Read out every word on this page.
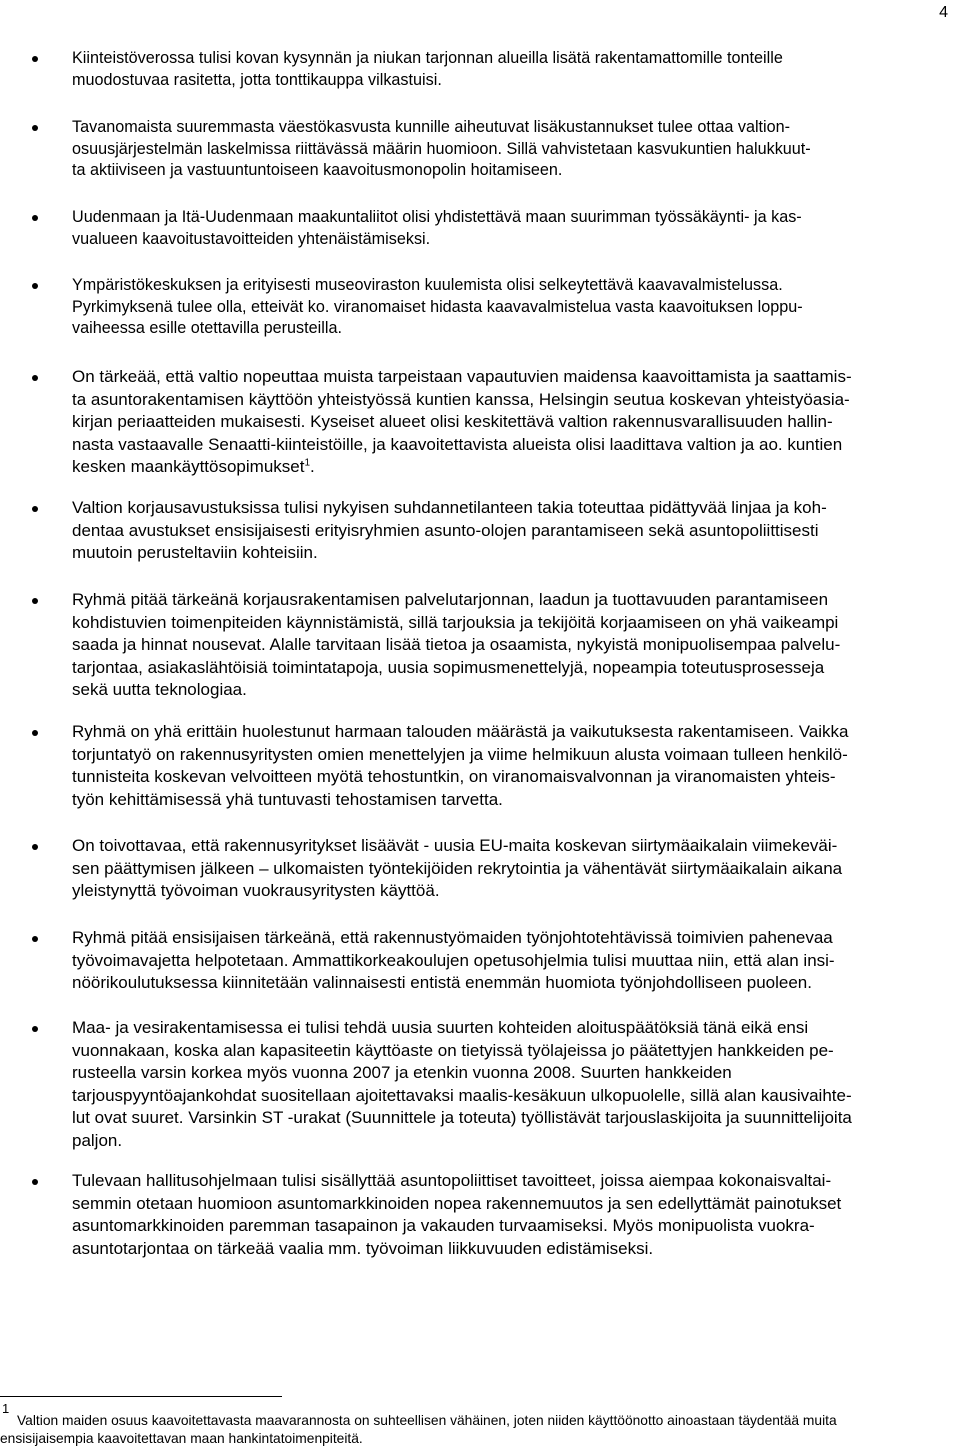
4
Kiinteistöverossa tulisi kovan kysynnän ja niukan tarjonnan alueilla lisätä rakentamattomille tonteille
muodostuvaa rasitetta, jotta tonttikauppa vilkastuisi.
Tavanomaista suuremmasta väestökasvusta kunnille aiheutuvat lisäkustannukset tulee ottaa valtion-
osuusjärjestelmän laskelmissa riittävässä määrin huomioon. Sillä vahvistetaan kasvukuntien halukkuut-
ta aktiiviseen ja vastuuntuntoiseen kaavoitusmonopolin hoitamiseen.
Uudenmaan ja Itä-Uudenmaan maakuntaliitot olisi yhdistettävä maan suurimman työssäkäynti- ja kas-
vualueen kaavoitustavoitteiden yhtenäistämiseksi.
Ympäristökeskuksen ja erityisesti museoviraston kuulemista olisi selkeytettävä kaavavalmistelussa.
Pyrkimyksenä tulee olla, etteivät ko. viranomaiset hidasta kaavavalmistelua vasta kaavoituksen loppu-
vaiheessa esille otettavilla perusteilla.
On tärkeää, että valtio nopeuttaa muista tarpeistaan vapautuvien maidensa kaavoittamista ja saattamis-
ta asuntorakentamisen käyttöön yhteistyössä kuntien kanssa, Helsingin seutua koskevan yhteistyöasia-
kirjan periaatteiden mukaisesti. Kyseiset alueet olisi keskitettävä valtion rakennusvarallisuuden hallin-
nasta vastaavalle Senaatti-kiinteistöille, ja kaavoitettavista alueista olisi laadittava valtion ja ao. kuntien
kesken maankäyttösopimukset$^1$.
Valtion korjausavustuksissa tulisi nykyisen suhdannetilanteen takia toteuttaa pidättyvää linjaa ja koh-
dentaa avustukset ensisijaisesti erityisryhmien asunto-olojen parantamiseen sekä asuntopoliittisesti
muutoin perusteltaviin kohteisiin.
Ryhmä pitää tärkeänä korjausrakentamisen palvelutarjonnan, laadun ja tuottavuuden parantamiseen
kohdistuvien toimenpiteiden käynnistämistä, sillä tarjouksia ja tekijöitä korjaamiseen on yhä vaikeampi
saada ja hinnat nousevat. Alalle tarvitaan lisää tietoa ja osaamista, nykyistä monipuolisempaa palvelu-
tarjontaa, asiakaslähtöisiä toimintatapoja, uusia sopimusmenettelyjä, nopeampia toteutusprosesseja
sekä uutta teknologiaa.
Ryhmä on yhä erittäin huolestunut harmaan talouden määrästä ja vaikutuksesta rakentamiseen. Vaikka
torjuntatyö on rakennusyritysten omien menettelyjen ja viime helmikuun alusta voimaan tulleen henkilö-
tunnisteita koskevan velvoitteen myötä tehostuntkin, on viranomaisvalvonnan ja viranomaisten yhteis-
työn kehittämisessä yhä tuntuvasti tehostamisen tarvetta.
On toivottavaa, että rakennusyritykset lisäävät - uusia EU-maita koskevan siirtymäaikalain viimekeväi-
sen päättymisen jälkeen – ulkomaisten työntekijöiden rekrytointia ja vähentävät siirtymäaikalain aikana
yleistynyttä työvoiman vuokrausyritysten käyttöä.
Ryhmä pitää ensisijaisen tärkeänä, että rakennustyömaiden työnjohtotehtävissä toimivien pahenevaa
työvoimavajetta helpotetaan. Ammattikorkeakoulujen opetusohjelmia tulisi muuttaa niin, että alan insi-
nöörikoulutuksessa kiinnitetään valinnaisesti entistä enemmän huomiota työnjohdolliseen puoleen.
Maa- ja vesirakentamisessa ei tulisi tehdä uusia suurten kohteiden aloituspäätöksiä tänä eikä ensi
vuonnakaan, koska alan kapasiteetin käyttöaste on tietyissä työlajeissa jo päätettyjen hankkeiden pe-
rusteella varsin korkea myös vuonna 2007 ja etenkin vuonna 2008. Suurten hankkeiden
tarjouspyyntöajankohdat suositellaan ajoitettavaksi maalis-kesäkuun ulkopuolelle, sillä alan kausivaihte-
lut ovat suuret. Varsinkin ST -urakat (Suunnittele ja toteuta) työllistävät tarjouslaskijoita ja suunnittelijoita
paljon.
Tulevaan hallitusohjelmaan tulisi sisällyttää asuntopoliittiset tavoitteet, joissa aiempaa kokonaisvaltai-
semmin otetaan huomioon asuntomarkkinoiden nopea rakennemuutos ja sen edellyttämät painotukset
asuntomarkkinoiden paremman tasapainon ja vakauden turvaamiseksi. Myös monipuolista vuokra-
asuntotarjontaa on tärkeää vaalia mm. työvoiman liikkuvuuden edistämiseksi.
1
Valtion maiden osuus kaavoitettavasta maavarannosta on suhteellisen vähäinen, joten niiden käyttöönotto ainoastaan täydentää muita
ensisijaisempia kaavoitettavan maan hankintatoimenpiteitä.
